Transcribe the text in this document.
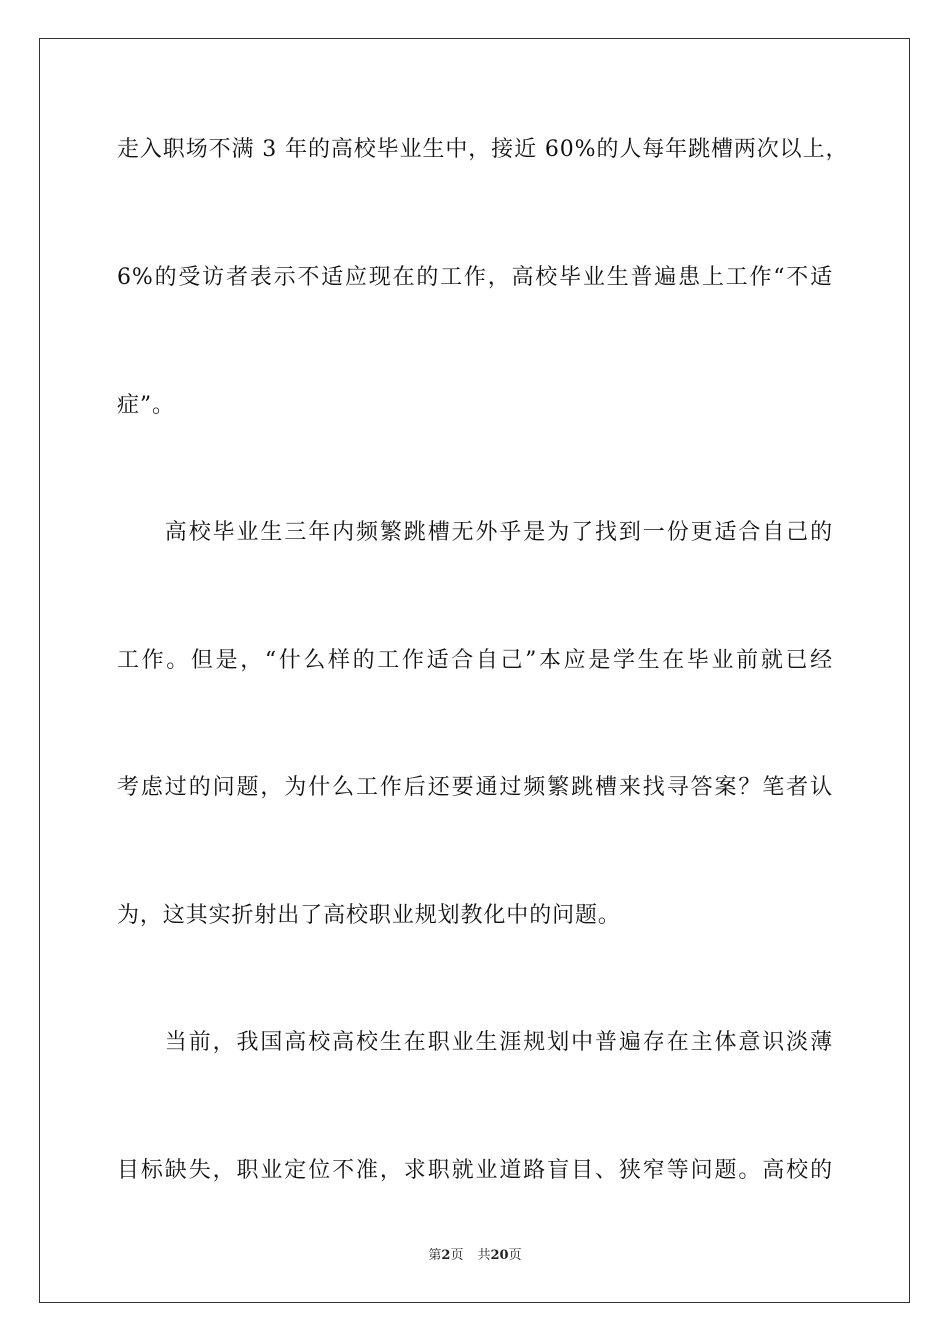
走入职场不满 3 年的高校毕业生中，接近 60%的人每年跳槽两次以上，
6%的受访者表示不适应现在的工作，高校毕业生普遍患上工作“不适
症”。
　　高校毕业生三年内频繁跳槽无外乎是为了找到一份更适合自己的
工作。但是，“什么样的工作适合自己”本应是学生在毕业前就已经
考虑过的问题，为什么工作后还要通过频繁跳槽来找寻答案？笔者认
为，这其实折射出了高校职业规划教化中的问题。
　　当前，我国高校高校生在职业生涯规划中普遍存在主体意识淡薄
目标缺失，职业定位不准，求职就业道路盲目、狭窄等问题。高校的
第2页 共20页
